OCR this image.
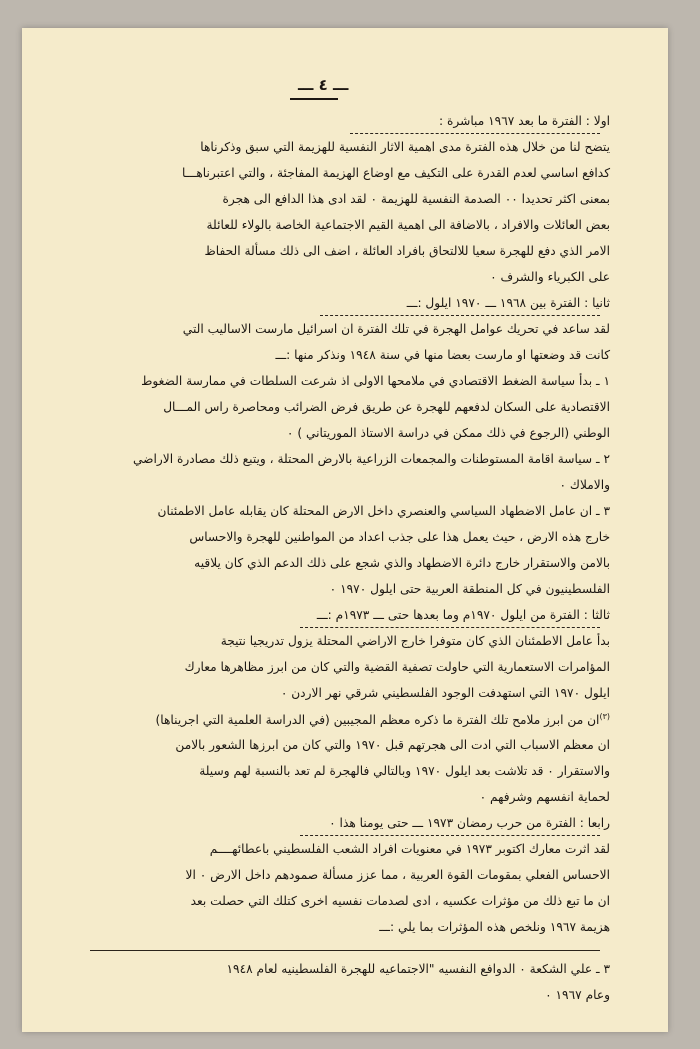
ـــ ٤ ـــ
اولا : الفترة ما بعد ١٩٦٧ مباشرة :
يتضح لنا من خلال هذه الفترة مدى اهمية الاثار النفسية للهزيمة التي سبق وذكرناها
كدافع اساسي لعدم القدرة على التكيف مع اوضاع الهزيمة المفاجئة ، والتي اعتبرناهـــا
بمعنى اكثر تحديدا ٠٠ الصدمة النفسية للهزيمة ٠ لقد ادى هذا الدافع الى هجرة
بعض العائلات والافراد ، بالاضافة الى اهمية القيم الاجتماعية الخاصة بالولاء للعائلة
الامر الذي دفع للهجرة سعيا للالتحاق بافراد العائلة ، اضف الى ذلك مسألة الحفاظ
على الكبرياء والشرف ٠
ثانيا : الفترة بين ١٩٦٨ ـــ ١٩٧٠ ايلول :ـــ
لقد ساعد في تحريك عوامل الهجرة في تلك الفترة ان اسرائيل مارست الاساليب التي
كانت قد وضعتها او مارست بعضا منها في سنة ١٩٤٨ ونذكر منها :ـــ
١ ـ بدأ سياسة الضغط الاقتصادي في ملامحها الاولى اذ شرعت السلطات في ممارسة الضغوط
الاقتصادية على السكان لدفعهم للهجرة عن طريق فرض الضرائب ومحاصرة راس المـــال
الوطني (الرجوع في ذلك ممكن في دراسة الاستاذ الموريتاني ) ٠
٢ ـ سياسة اقامة المستوطنات والمجمعات الزراعية بالارض المحتلة ، ويتبع ذلك مصادرة الاراضي
والاملاك ٠
٣ ـ ان عامل الاضطهاد السياسي والعنصري داخل الارض المحتلة كان يقابله عامل الاطمئنان
خارج هذه الارض ، حيث يعمل هذا على جذب اعداد من المواطنين للهجرة والاحساس
بالامن والاستقرار خارج دائرة الاضطهاد والذي شجع على ذلك الدعم الذي كان يلاقيه
الفلسطينيون في كل المنطقة العربية حتى ايلول ١٩٧٠ ٠
ثالثا : الفترة من ايلول ١٩٧٠م وما بعدها حتى ـــ ١٩٧٣م :ـــ
بدأ عامل الاطمئنان الذي كان متوفرا خارج الاراضي المحتلة يزول تدريجيا نتيجة
المؤامرات الاستعمارية التي حاولت تصفية القضية والتي كان من ابرز مظاهرها معارك
ايلول ١٩٧٠ التي استهدفت الوجود الفلسطيني شرقي نهر الاردن ٠
$^{(٣)}$ان من ابرز ملامح تلك الفترة ما ذكره معظم المجيبين (في الدراسة العلمية التي اجريناها)
ان معظم الاسباب التي ادت الى هجرتهم قبل ١٩٧٠ والتي كان من ابرزها الشعور بالامن
والاستقرار ٠ قد تلاشت بعد ايلول ١٩٧٠ وبالتالي فالهجرة لم تعد بالنسبة لهم وسيلة
لحماية انفسهم وشرفهم ٠
رابعا : الفترة من حرب رمضان ١٩٧٣ ـــ حتى يومنا هذا ٠
لقد اثرت معارك اكتوبر ١٩٧٣ في معنويات افراد الشعب الفلسطيني باعطائهــــم
الاحساس الفعلي بمقومات القوة العربية ، مما عزز مسألة صمودهم داخل الارض ٠ الا
ان ما تبع ذلك من مؤثرات عكسيه ، ادى لصدمات نفسيه اخرى كتلك التي حصلت بعد
هزيمة ١٩٦٧ ونلخص هذه المؤثرات بما يلي :ـــ
٣ ـ علي الشكعة ٠ الدوافع النفسيه "الاجتماعيه للهجرة الفلسطينيه لعام ١٩٤٨
وعام ١٩٦٧ ٠
